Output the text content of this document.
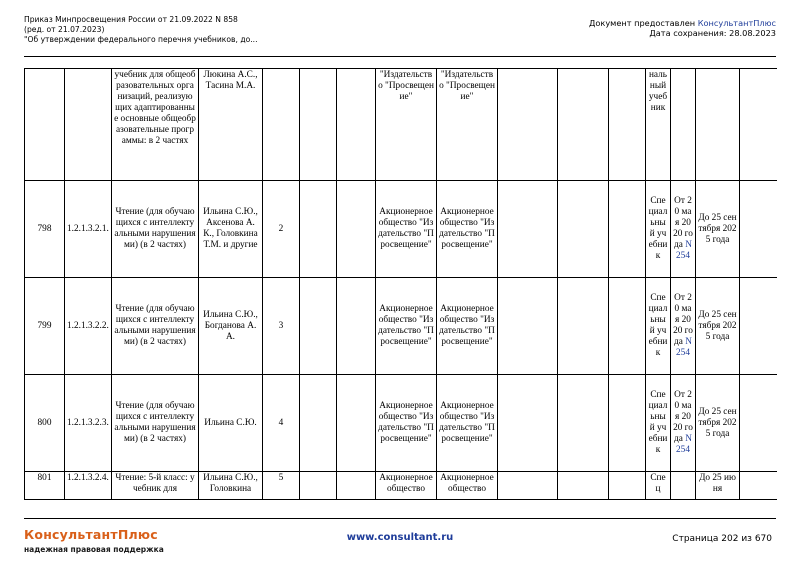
Приказ Минпросвещения России от 21.09.2022 N 858
(ред. от 21.07.2023)
"Об утверждении федерального перечня учебников, до...
Документ предоставлен КонсультантПлюс
Дата сохранения: 28.08.2023
		учебник для общеобразовательных организаций, реализующих адаптированные основные общеобразовательные программы: в 2 частях	Люкина А.С., Тасина М.А.				"Издательство "Просвещение"	"Издательство "Просвещение"				нальный учебник			
798	1.2.1.3.2.1.	Чтение (для обучающихся с интеллектуальными нарушениями) (в 2 частях)	Ильина С.Ю., Аксенова А.К., Головкина Т.М. и другие	2			Акционерное общество "Издательство "Просвещение"	Акционерное общество "Издательство "Просвещение"				Специальный учебник	От 20 мая 2020 года N 254	До 25 сентября 2025 года	
799	1.2.1.3.2.2.	Чтение (для обучающихся с интеллектуальными нарушениями) (в 2 частях)	Ильина С.Ю., Богданова А.А.	3			Акционерное общество "Издательство "Просвещение"	Акционерное общество "Издательство "Просвещение"				Специальный учебник	От 20 мая 2020 года N 254	До 25 сентября 2025 года	
800	1.2.1.3.2.3.	Чтение (для обучающихся с интеллектуальными нарушениями) (в 2 частях)	Ильина С.Ю.	4			Акционерное общество "Издательство "Просвещение"	Акционерное общество "Издательство "Просвещение"				Специальный учебник	От 20 мая 2020 года N 254	До 25 сентября 2025 года	
801	1.2.1.3.2.4.	Чтение: 5-й класс: учебник для	Ильина С.Ю., Головкина	5			Акционерное общество	Акционерное общество				Спец		До 25 июня	
КонсультантПлюс
надежная правовая поддержка
www.consultant.ru	Страница 202 из 670
